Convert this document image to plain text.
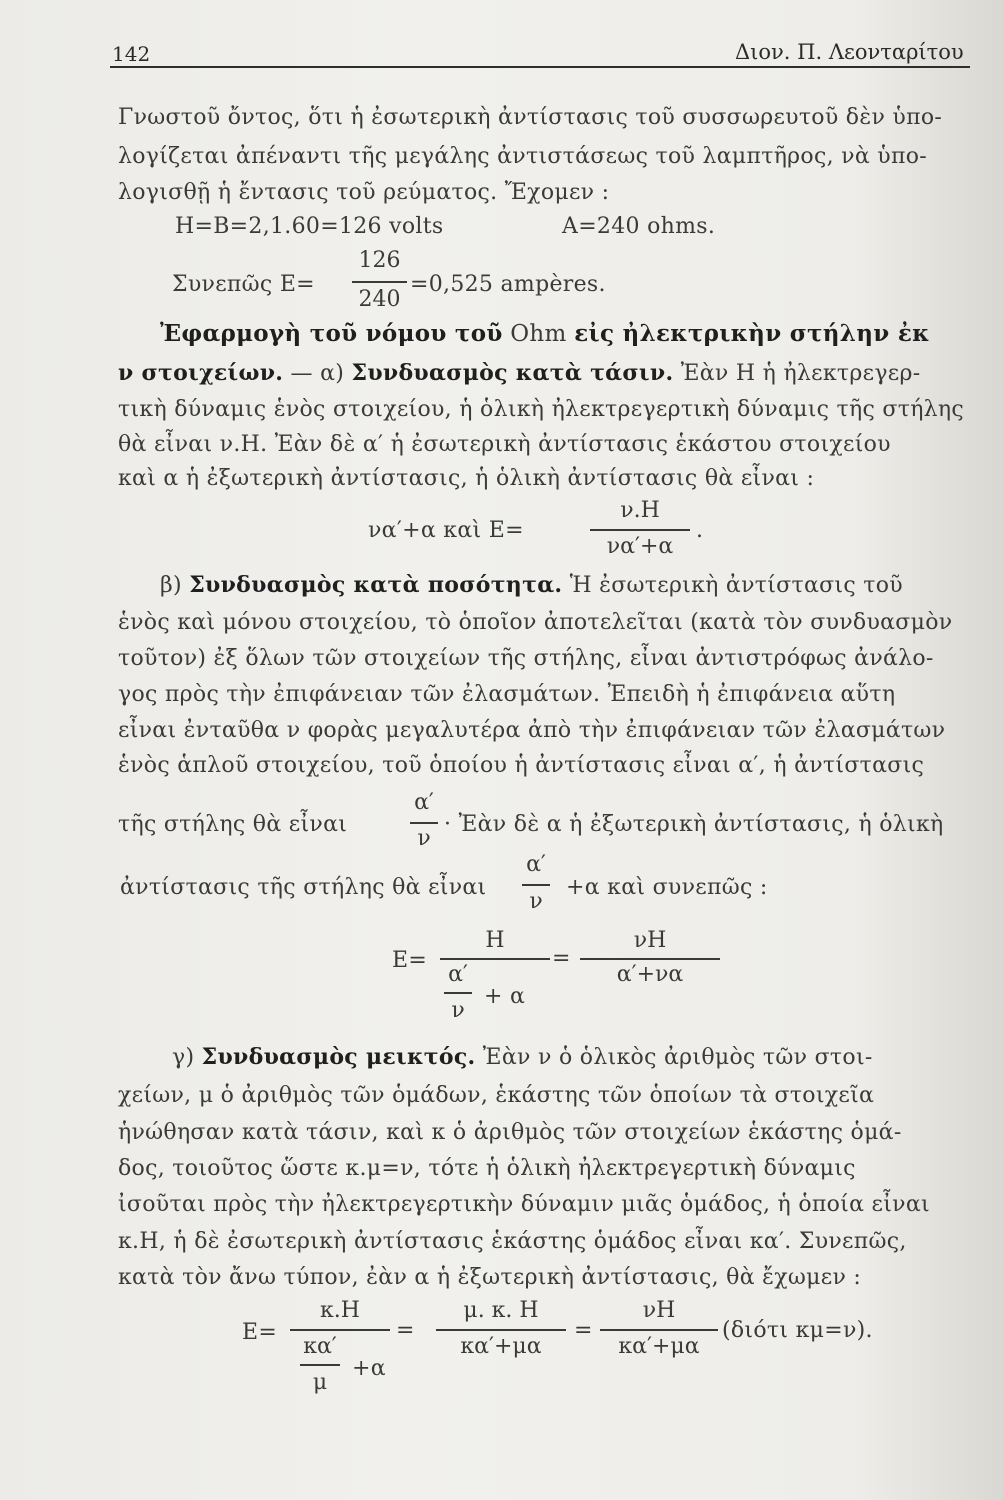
142	Διον. Π. Λεονταρίτου
Γνωστοῦ ὄντος, ὅτι ἡ ἐσωτερικὴ ἀντίστασις τοῦ συσσωρευτοῦ δὲν ὑπο-
λογίζεται ἀπέναντι τῆς μεγάλης ἀντιστάσεως τοῦ λαμπτῆρος, νὰ ὑπο-
λογισθῇ ἡ ἔντασις τοῦ ρεύματος. Ἔχομεν :
H=B=2,1.60=126 volts	A=240 ohms.
Συνεπῶς E=
126
240
=0,525 ampères.
Ἐφαρμογὴ τοῦ νόμου τοῦ Ohm εἰς ἠλεκτρικὴν στήλην ἐκ
ν στοιχείων. — α) Συνδυασμὸς κατὰ τάσιν. Ἐὰν H ἡ ἠλεκτρεγερ-
τικὴ δύναμις ἑνὸς στοιχείου, ἡ ὁλικὴ ἠλεκτρεγερτικὴ δύναμις τῆς στήλης
θὰ εἶναι ν.H. Ἐὰν δὲ α′ ἡ ἐσωτερικὴ ἀντίστασις ἑκάστου στοιχείου
καὶ α ἡ ἐξωτερικὴ ἀντίστασις, ἡ ὁλικὴ ἀντίστασις θὰ εἶναι :
να′+α καὶ E=
ν.H
να′+α
.
β) Συνδυασμὸς κατὰ ποσότητα. Ἡ ἐσωτερικὴ ἀντίστασις τοῦ
ἑνὸς καὶ μόνου στοιχείου, τὸ ὁποῖον ἀποτελεῖται (κατὰ τὸν συνδυασμὸν
τοῦτον) ἐξ ὅλων τῶν στοιχείων τῆς στήλης, εἶναι ἀντιστρόφως ἀνάλο-
γος πρὸς τὴν ἐπιφάνειαν τῶν ἐλασμάτων. Ἐπειδὴ ἡ ἐπιφάνεια αὕτη
εἶναι ἐνταῦθα ν φορὰς μεγαλυτέρα ἀπὸ τὴν ἐπιφάνειαν τῶν ἐλασμάτων
ἑνὸς ἁπλοῦ στοιχείου, τοῦ ὁποίου ἡ ἀντίστασις εἶναι α′, ἡ ἀντίστασις
τῆς στήλης θὰ εἶναι
α′
ν
· Ἐὰν δὲ α ἡ ἐξωτερικὴ ἀντίστασις, ἡ ὁλικὴ
ἀντίστασις τῆς στήλης θὰ εἶναι
α′
ν
+α καὶ συνεπῶς :
E=
H
α′
ν
+ α
=
νH
α′+να
γ) Συνδυασμὸς μεικτός. Ἐὰν ν ὁ ὁλικὸς ἀριθμὸς τῶν στοι-
χείων, μ ὁ ἀριθμὸς τῶν ὁμάδων, ἑκάστης τῶν ὁποίων τὰ στοιχεῖα
ἡνώθησαν κατὰ τάσιν, καὶ κ ὁ ἀριθμὸς τῶν στοιχείων ἑκάστης ὁμά-
δος, τοιοῦτος ὥστε κ.μ=ν, τότε ἡ ὁλικὴ ἠλεκτρεγερτικὴ δύναμις
ἰσοῦται πρὸς τὴν ἠλεκτρεγερτικὴν δύναμιν μιᾶς ὁμάδος, ἡ ὁποία εἶναι
κ.H, ἡ δὲ ἐσωτερικὴ ἀντίστασις ἑκάστης ὁμάδος εἶναι κα′. Συνεπῶς,
κατὰ τὸν ἄνω τύπον, ἐὰν α ἡ ἐξωτερικὴ ἀντίστασις, θὰ ἔχωμεν :
E=
κ.H
κα′
μ
+α
=
μ. κ. H
κα′+μα
=
νH
κα′+μα
(διότι κμ=ν).
